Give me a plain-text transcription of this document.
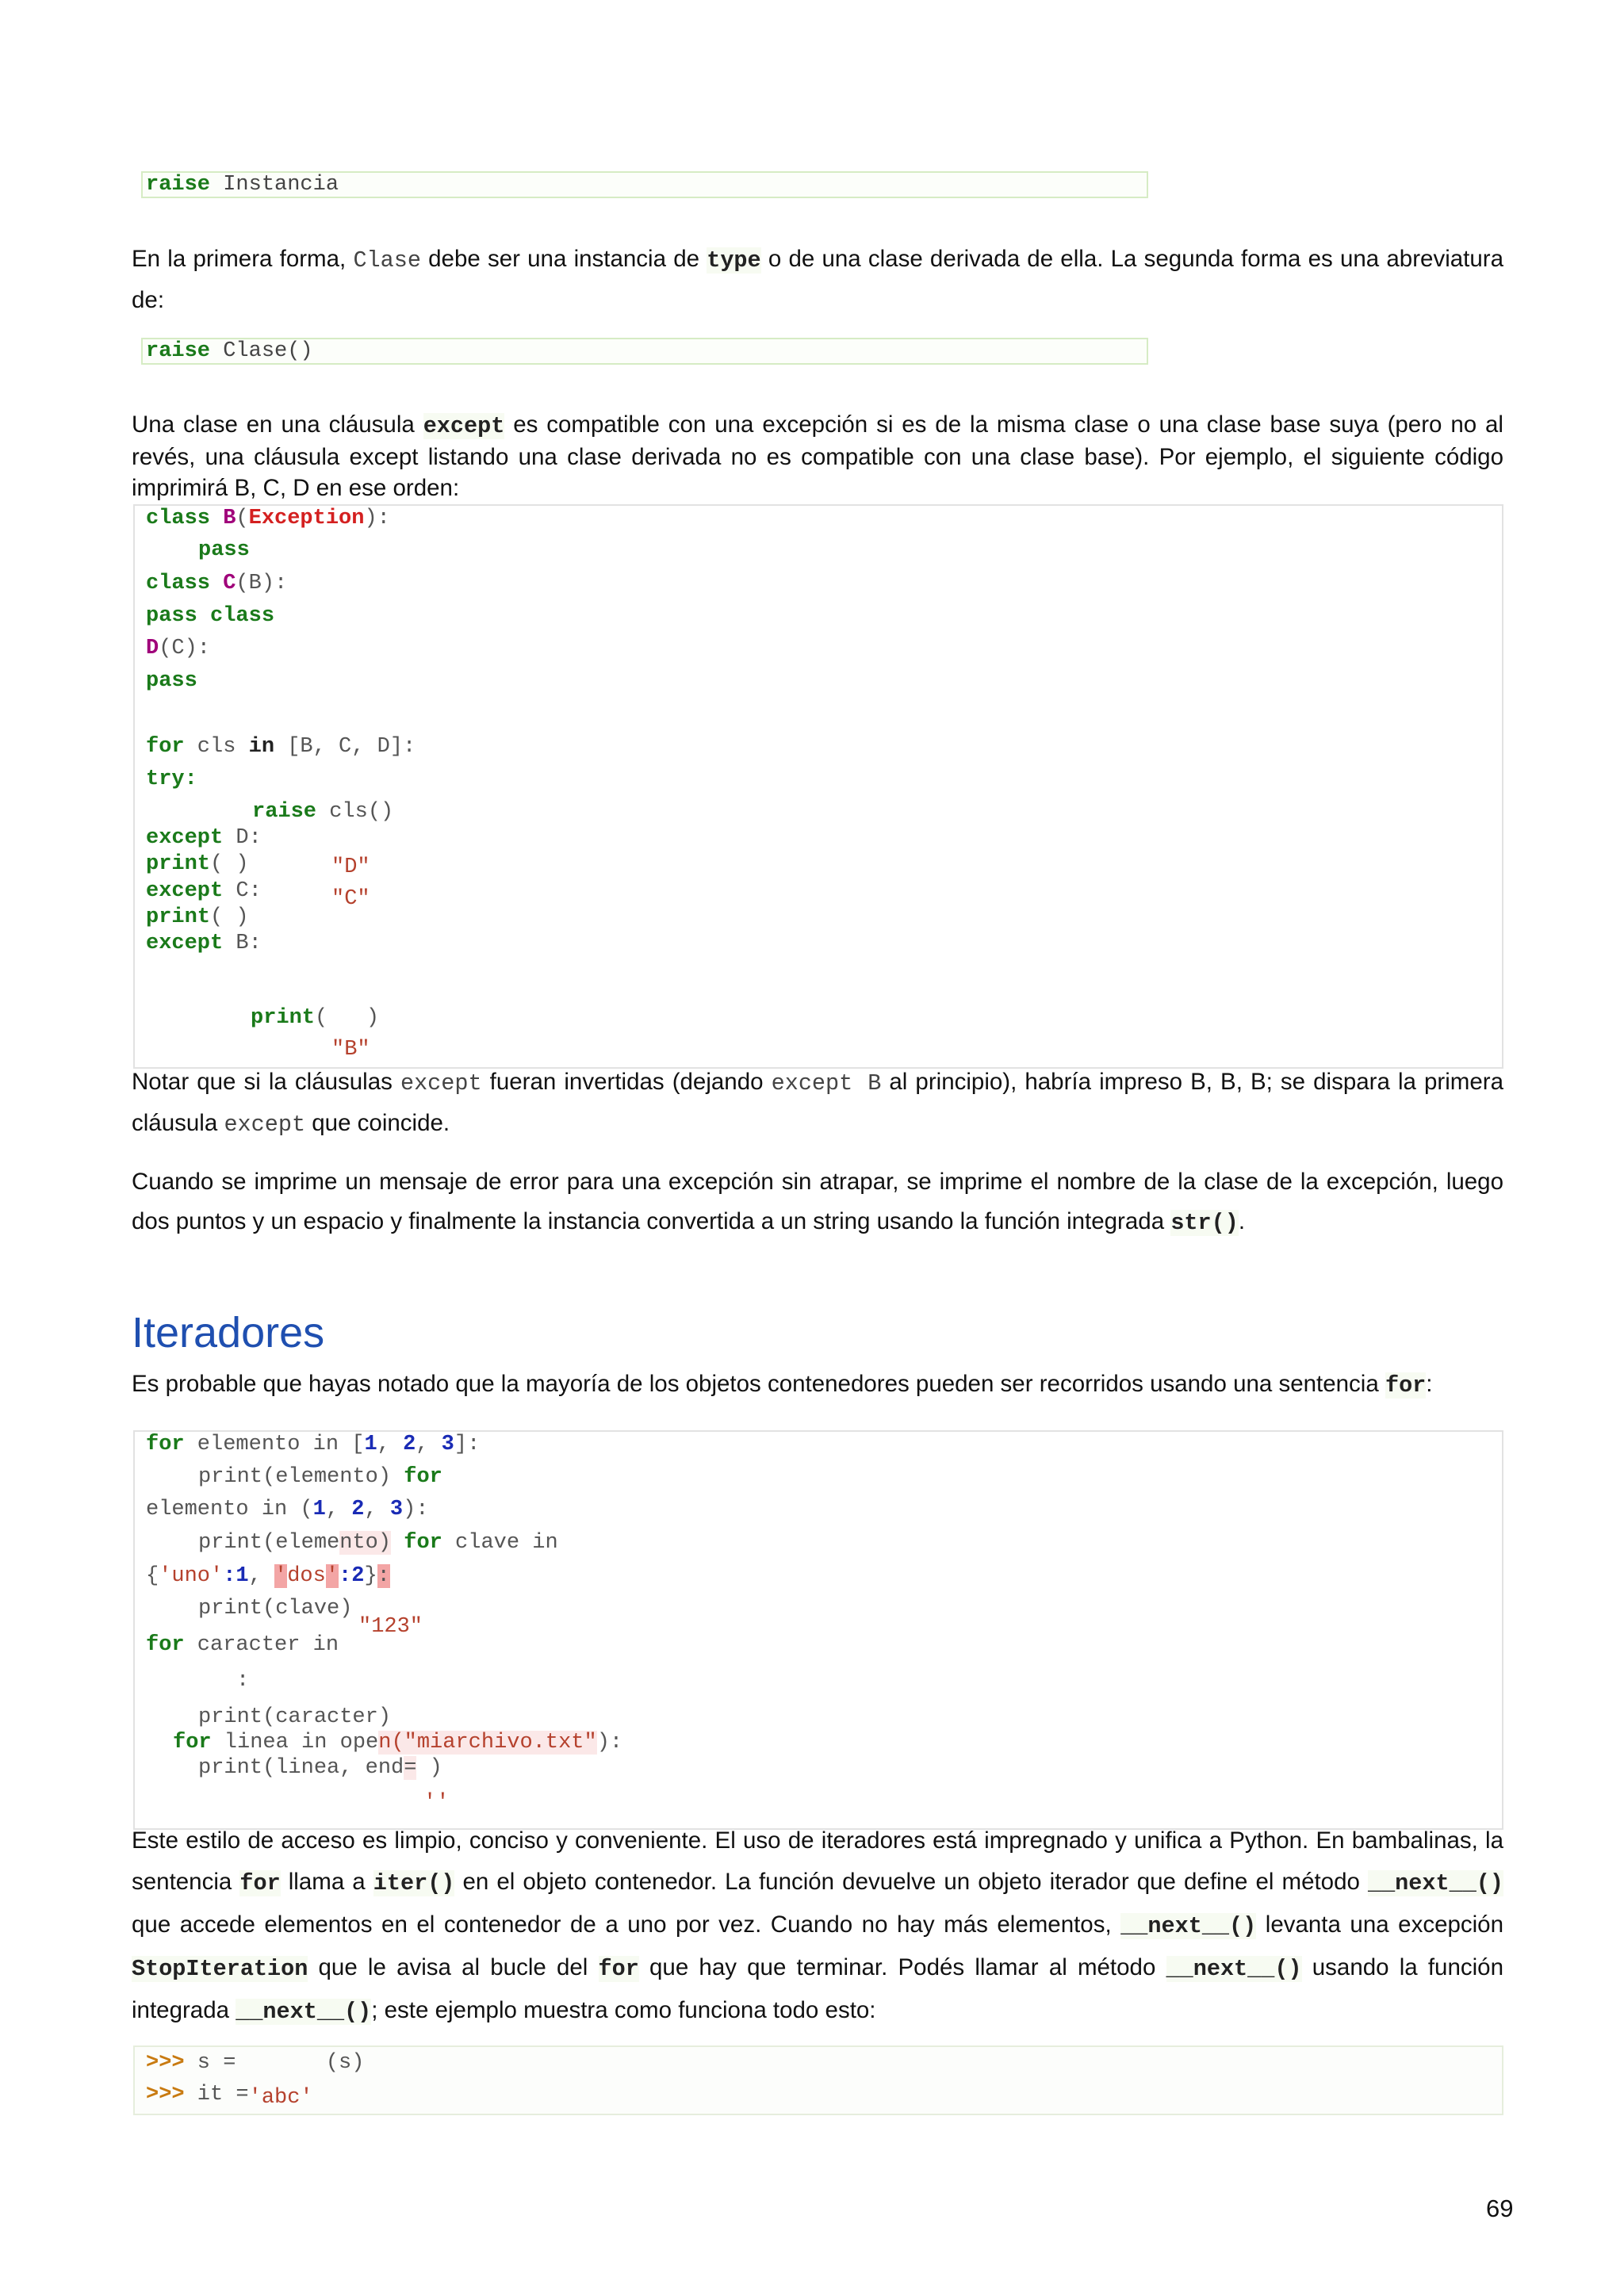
raise Instancia
En la primera forma, Clase debe ser una instancia de type o de una clase derivada de ella. La segunda forma es una abreviatura de:
raise Clase()
Una clase en una cláusula except es compatible con una excepción si es de la misma clase o una clase base suya (pero no al revés, una cláusula except listando una clase derivada no es compatible con una clase base). Por ejemplo, el siguiente código imprimirá B, C, D en ese orden:
class B(Exception):
pass
class C(B):
pass class
D(C):
pass
for cls in [B, C, D]:
try:
raise cls()
except D:
print( )	"D"
except C:	"C"
print( )
except B:
print(   )
"B"
Notar que si la cláusulas except fueran invertidas (dejando except B al principio), habría impreso B, B, B; se dispara la primera cláusula except que coincide.
Cuando se imprime un mensaje de error para una excepción sin atrapar, se imprime el nombre de la clase de la excepción, luego dos puntos y un espacio y finalmente la instancia convertida a un string usando la función integrada str().
Iteradores
Es probable que hayas notado que la mayoría de los objetos contenedores pueden ser recorridos usando una sentencia for:
for elemento in [1, 2, 3]:
print(elemento) for
elemento in (1, 2, 3):
print(elemento) for clave in
{'uno':1, 'dos':2}:
print(clave)
for caracter in
"123"
:
print(caracter)
for linea in open("miarchivo.txt"):
print(linea, end= )
''
Este estilo de acceso es limpio, conciso y conveniente. El uso de iteradores está impregnado y unifica a Python. En bambalinas, la sentencia for llama a iter() en el objeto contenedor. La función devuelve un objeto iterador que define el método __next__() que accede elementos en el contenedor de a uno por vez. Cuando no hay más elementos, __next__() levanta una excepción StopIteration que le avisa al bucle del for que hay que terminar. Podés llamar al método __next__() usando la función integrada __next__(); este ejemplo muestra como funciona todo esto:
>>> s =       (s)
>>> it ='abc'
69
